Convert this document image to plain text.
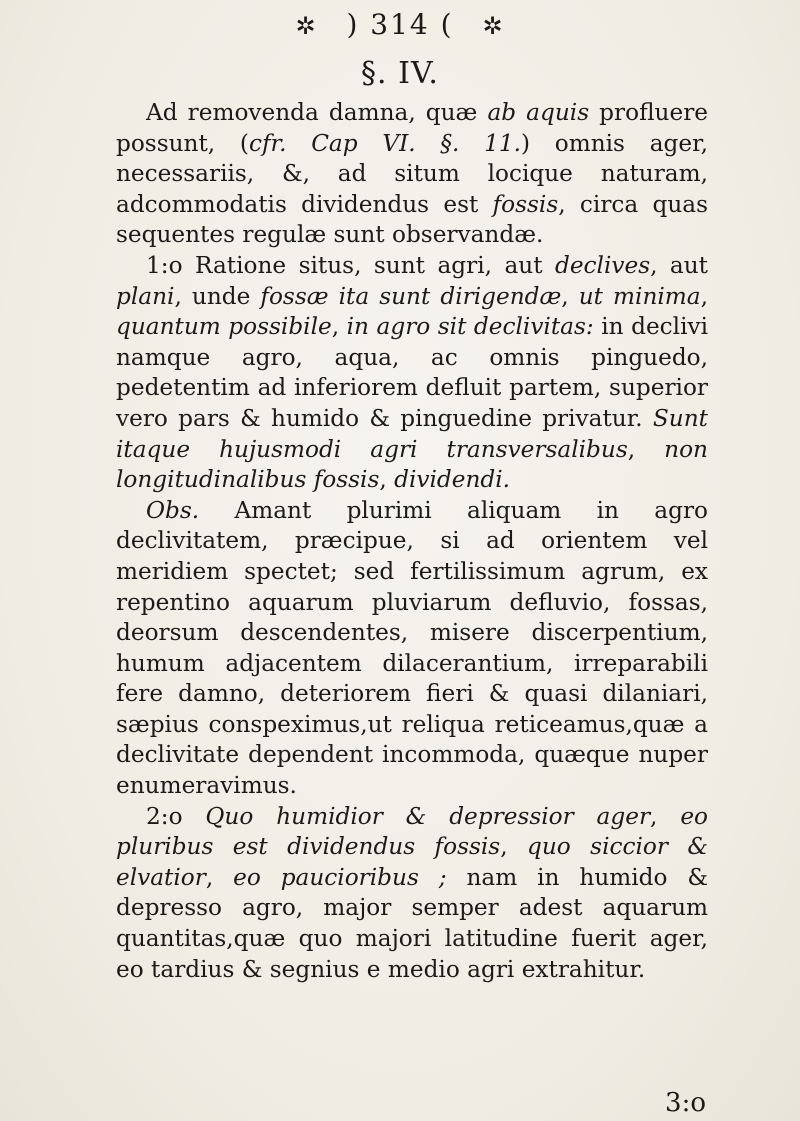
✲ ) 314 ( ✲
§. IV.

Ad removenda damna, quæ ab aquis profluere possunt, (cfr. Cap VI. §. 11.) omnis ager, necessariis, &, ad situm locique naturam, adcommodatis dividendus est fossis, circa quas sequentes regulæ sunt observandæ.

1:o Ratione situs, sunt agri, aut declives, aut plani, unde fossæ ita sunt dirigendæ, ut minima, quantum possibile, in agro sit declivitas: in declivi namque agro, aqua, ac omnis pinguedo, pedetentim ad inferiorem defluit partem, superior vero pars & humido & pinguedine privatur. Sunt itaque hujusmodi agri transversalibus, non longitudinalibus fossis, dividendi.

Obs. Amant plurimi aliquam in agro declivitatem, præcipue, si ad orientem vel meridiem spectet; sed fertilissimum agrum, ex repentino aquarum pluviarum defluvio, fossas, deorsum descendentes, misere discerpentium, humum adjacentem dilacerantium, irreparabili fere damno, deteriorem fieri & quasi dilaniari, sæpius conspeximus,ut reliqua reticeamus,quæ a declivitate dependent incommoda, quæque nuper enumeravimus.

2:o Quo humidior & depressior ager, eo pluribus est dividendus fossis, quo siccior & elvatior, eo paucioribus ; nam in humido & depresso agro, major semper adest aquarum quantitas,quæ quo majori latitudine fuerit ager, eo tardius & segnius e medio agri extrahitur.

3:o
